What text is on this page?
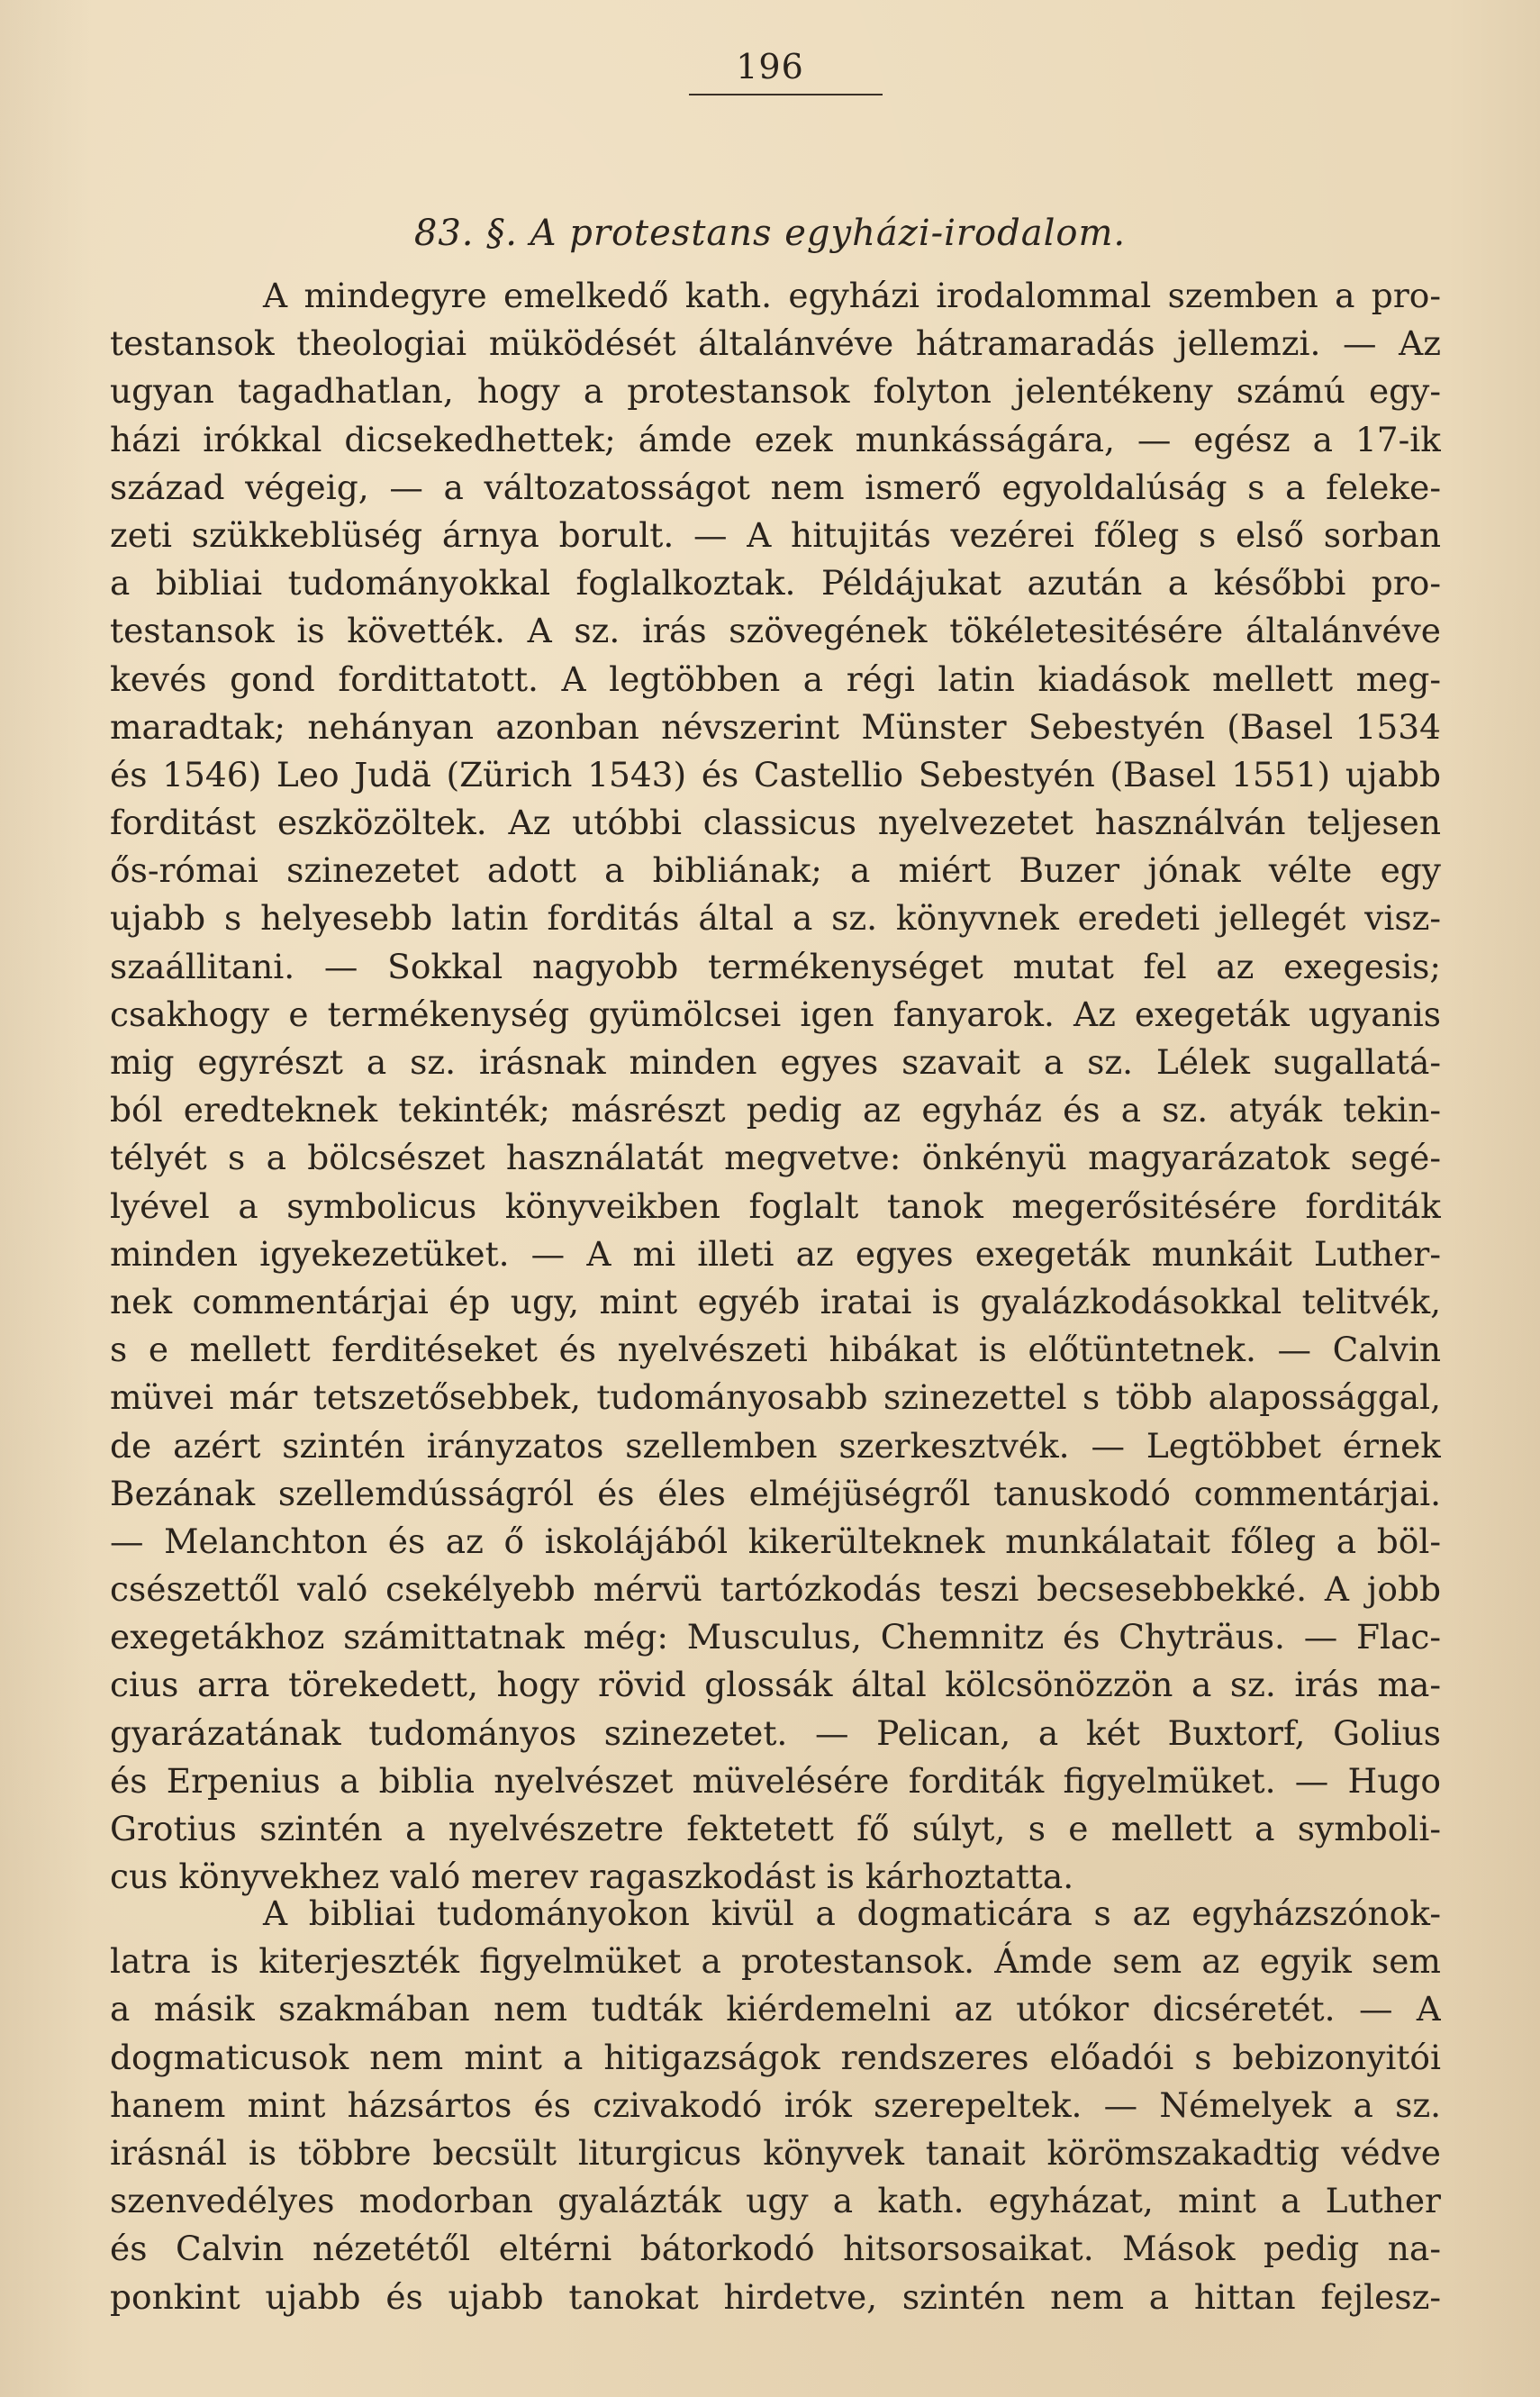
196
83. §. A protestans egyházi-irodalom.
A mindegyre emelkedő kath. egyházi irodalommal szemben a pro-
testansok theologiai müködését általánvéve hátramaradás jellemzi. — Az
ugyan tagadhatlan, hogy a protestansok folyton jelentékeny számú egy-
házi irókkal dicsekedhettek; ámde ezek munkásságára, — egész a 17-ik
század végeig, — a változatosságot nem ismerő egyoldalúság s a feleke-
zeti szükkeblüség árnya borult. — A hitujitás vezérei főleg s első sorban
a bibliai tudományokkal foglalkoztak. Példájukat azután a későbbi pro-
testansok is követték. A sz. irás szövegének tökéletesitésére általánvéve
kevés gond fordittatott. A legtöbben a régi latin kiadások mellett meg-
maradtak; nehányan azonban névszerint Münster Sebestyén (Basel 1534
és 1546) Leo Judä (Zürich 1543) és Castellio Sebestyén (Basel 1551) ujabb
forditást eszközöltek. Az utóbbi classicus nyelvezetet használván teljesen
ős-római szinezetet adott a bibliának; a miért Buzer jónak vélte egy
ujabb s helyesebb latin forditás által a sz. könyvnek eredeti jellegét visz-
szaállitani. — Sokkal nagyobb termékenységet mutat fel az exegesis;
csakhogy e termékenység gyümölcsei igen fanyarok. Az exegeták ugyanis
mig egyrészt a sz. irásnak minden egyes szavait a sz. Lélek sugallatá-
ból eredteknek tekinték; másrészt pedig az egyház és a sz. atyák tekin-
télyét s a bölcsészet használatát megvetve: önkényü magyarázatok segé-
lyével a symbolicus könyveikben foglalt tanok megerősitésére forditák
minden igyekezetüket. — A mi illeti az egyes exegeták munkáit Luther-
nek commentárjai ép ugy, mint egyéb iratai is gyalázkodásokkal telitvék,
s e mellett ferditéseket és nyelvészeti hibákat is előtüntetnek. — Calvin
müvei már tetszetősebbek, tudományosabb szinezettel s több alapossággal,
de azért szintén irányzatos szellemben szerkesztvék. — Legtöbbet érnek
Bezának szellemdússágról és éles elméjüségről tanuskodó commentárjai.
— Melanchton és az ő iskolájából kikerülteknek munkálatait főleg a böl-
csészettől való csekélyebb mérvü tartózkodás teszi becsesebbekké. A jobb
exegetákhoz számittatnak még: Musculus, Chemnitz és Chyträus. — Flac-
cius arra törekedett, hogy rövid glossák által kölcsönözzön a sz. irás ma-
gyarázatának tudományos szinezetet. — Pelican, a két Buxtorf, Golius
és Erpenius a biblia nyelvészet müvelésére forditák figyelmüket. — Hugo
Grotius szintén a nyelvészetre fektetett fő súlyt, s e mellett a symboli-
cus könyvekhez való merev ragaszkodást is kárhoztatta.
A bibliai tudományokon kivül a dogmaticára s az egyházszónok-
latra is kiterjeszték figyelmüket a protestansok. Ámde sem az egyik sem
a másik szakmában nem tudták kiérdemelni az utókor dicséretét. — A
dogmaticusok nem mint a hitigazságok rendszeres előadói s bebizonyitói
hanem mint házsártos és czivakodó irók szerepeltek. — Némelyek a sz.
irásnál is többre becsült liturgicus könyvek tanait körömszakadtig védve
szenvedélyes modorban gyalázták ugy a kath. egyházat, mint a Luther
és Calvin nézetétől eltérni bátorkodó hitsorsosaikat. Mások pedig na-
ponkint ujabb és ujabb tanokat hirdetve, szintén nem a hittan fejlesz-
